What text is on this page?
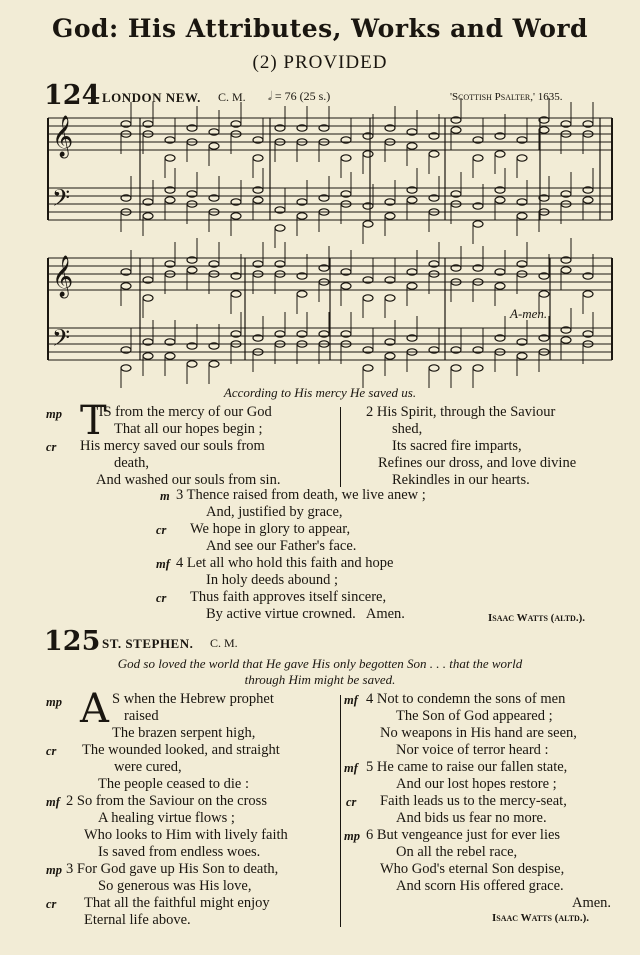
God: His Attributes, Works and Word
(2) PROVIDED
124 LONDON NEW. C. M. 𝅗𝅥 = 76 (25 s.)	'Scottish Psalter,' 1635.
𝄞
𝄢
𝄞
𝄢
A-men.
According to His mercy He saved us.
mp T
'IS from the mercy of our God
That all our hopes begin ;
cr His mercy saved our souls from
death,
And washed our souls from sin.
2 His Spirit, through the Saviour
shed,
Its sacred fire imparts,
Refines our dross, and love divine
Rekindles in our hearts.
m 3 Thence raised from death, we live anew ;
And, justified by grace,
cr We hope in glory to appear,
And see our Father's face.
mf 4 Let all who hold this faith and hope
In holy deeds abound ;
cr Thus faith approves itself sincere,
By active virtue crowned.   Amen.	Isaac Watts (altd.).
125 ST. STEPHEN. C. M.
God so loved the world that He gave His only begotten Son . . . that the world
through Him might be saved.
mp A S when the Hebrew prophet
raised
The brazen serpent high,
cr The wounded looked, and straight
were cured,
The people ceased to die :
mf 2 So from the Saviour on the cross
A healing virtue flows ;
Who looks to Him with lively faith
Is saved from endless woes.
mp 3 For God gave up His Son to death,
So generous was His love,
cr That all the faithful might enjoy
Eternal life above.
mf 4 Not to condemn the sons of men
The Son of God appeared ;
No weapons in His hand are seen,
Nor voice of terror heard :
mf 5 He came to raise our fallen state,
And our lost hopes restore ;
cr Faith leads us to the mercy-seat,
And bids us fear no more.
mp 6 But vengeance just for ever lies
On all the rebel race,
Who God's eternal Son despise,
And scorn His offered grace.
Amen.
Isaac Watts (altd.).
